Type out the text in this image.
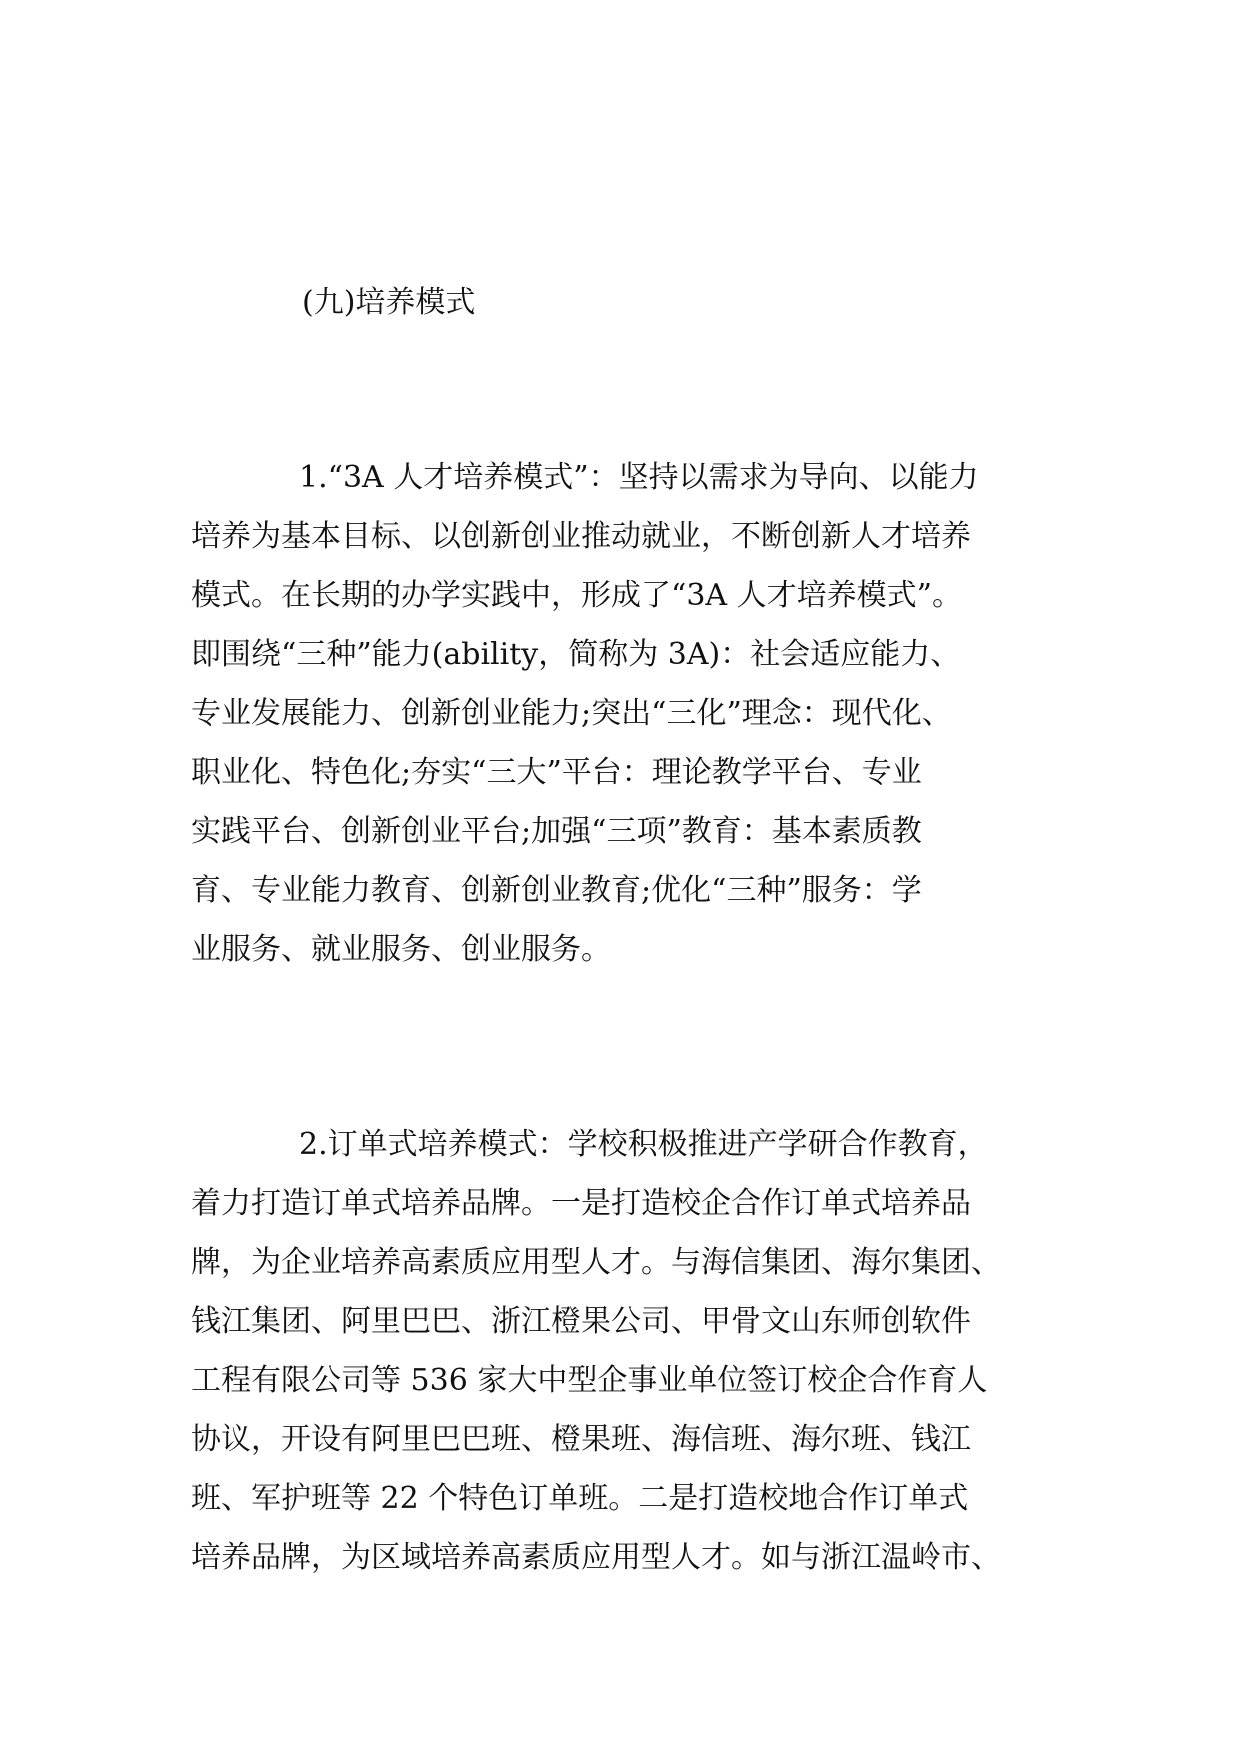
(九)培养模式
1.“3A 人才培养模式”：坚持以需求为导向、以能力
培养为基本目标、以创新创业推动就业，不断创新人才培养
模式。在长期的办学实践中，形成了“3A 人才培养模式”。
即围绕“三种”能力(ability，简称为 3A)：社会适应能力、
专业发展能力、创新创业能力;突出“三化”理念：现代化、
职业化、特色化;夯实“三大”平台：理论教学平台、专业
实践平台、创新创业平台;加强“三项”教育：基本素质教
育、专业能力教育、创新创业教育;优化“三种”服务：学
业服务、就业服务、创业服务。
2.订单式培养模式：学校积极推进产学研合作教育，
着力打造订单式培养品牌。一是打造校企合作订单式培养品
牌，为企业培养高素质应用型人才。与海信集团、海尔集团、
钱江集团、阿里巴巴、浙江橙果公司、甲骨文山东师创软件
工程有限公司等 536 家大中型企事业单位签订校企合作育人
协议，开设有阿里巴巴班、橙果班、海信班、海尔班、钱江
班、军护班等 22 个特色订单班。二是打造校地合作订单式
培养品牌，为区域培养高素质应用型人才。如与浙江温岭市、
